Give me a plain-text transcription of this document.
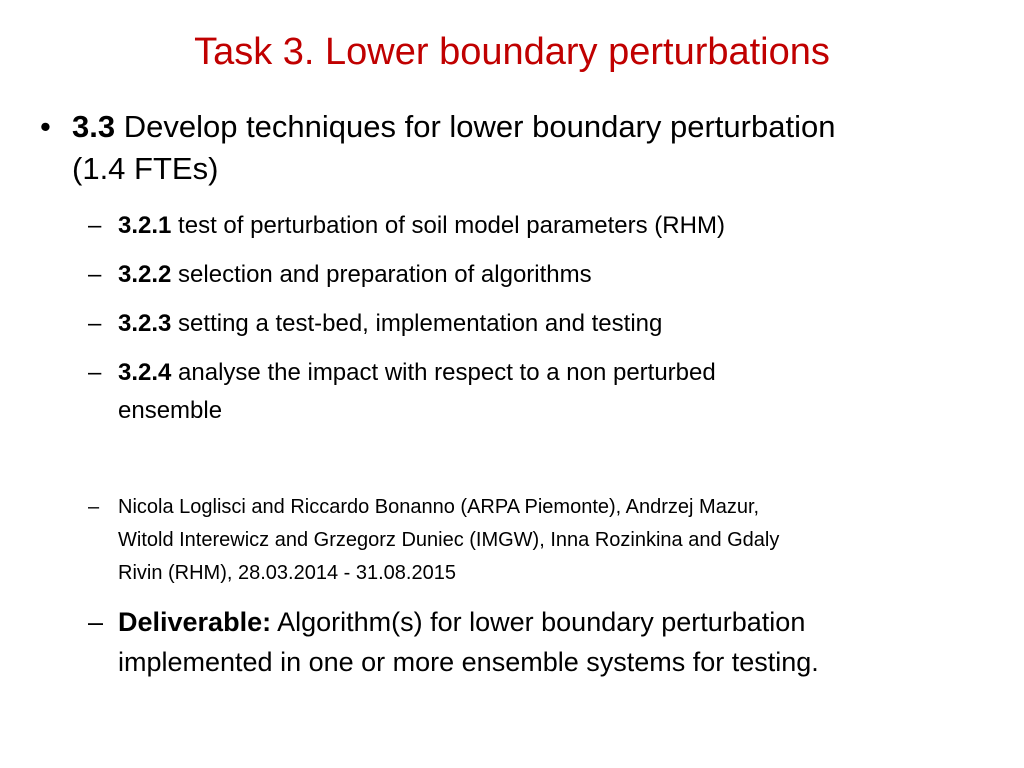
Task 3. Lower boundary perturbations
• 3.3 Develop techniques for lower boundary perturbation
(1.4 FTEs)
– 3.2.1 test of perturbation of soil model parameters (RHM)
– 3.2.2 selection and preparation of algorithms
– 3.2.3 setting a test-bed, implementation and testing
– 3.2.4 analyse the impact with respect to a non perturbed
ensemble
– Nicola Loglisci and Riccardo Bonanno (ARPA Piemonte), Andrzej Mazur,
Witold Interewicz and Grzegorz Duniec (IMGW), Inna Rozinkina and Gdaly
Rivin (RHM), 28.03.2014 - 31.08.2015
– Deliverable: Algorithm(s) for lower boundary perturbation
implemented in one or more ensemble systems for testing.
